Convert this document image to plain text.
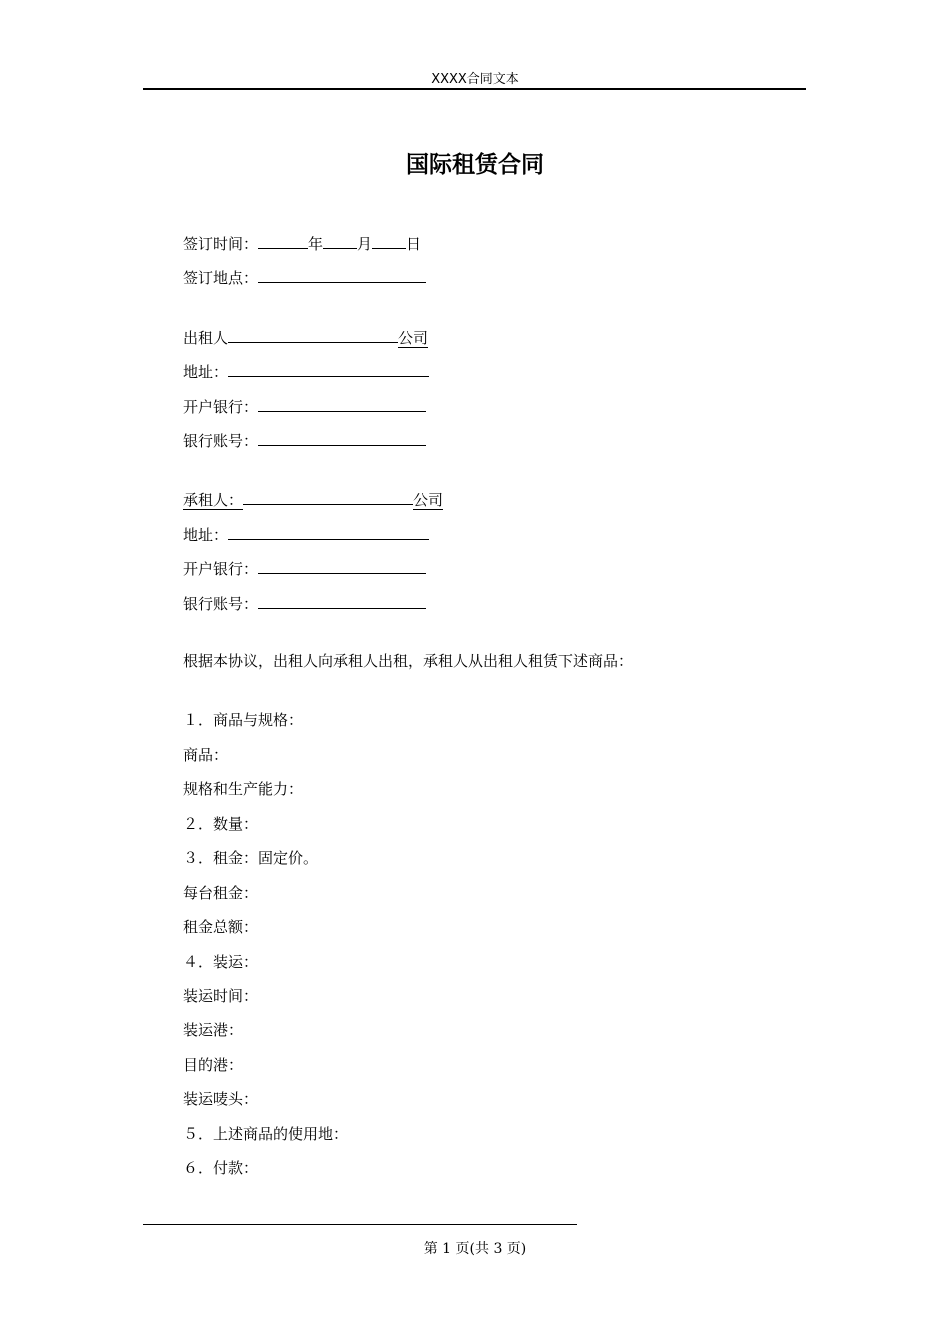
XXXX合同文本
国际租赁合同
签订时间：	年 月 日
签订地点：
出租人	公司
地址：
开户银行：
银行账号：
承租人：	公司
地址：
开户银行：
银行账号：
根据本协议，出租人向承租人出租，承租人从出租人租赁下述商品：
１．商品与规格：
商品：
规格和生产能力：
２．数量：
３．租金：固定价。
每台租金：
租金总额：
４．装运：
装运时间：
装运港：
目的港：
装运唛头：
５．上述商品的使用地：
６．付款：
第 1 页(共 3 页)
